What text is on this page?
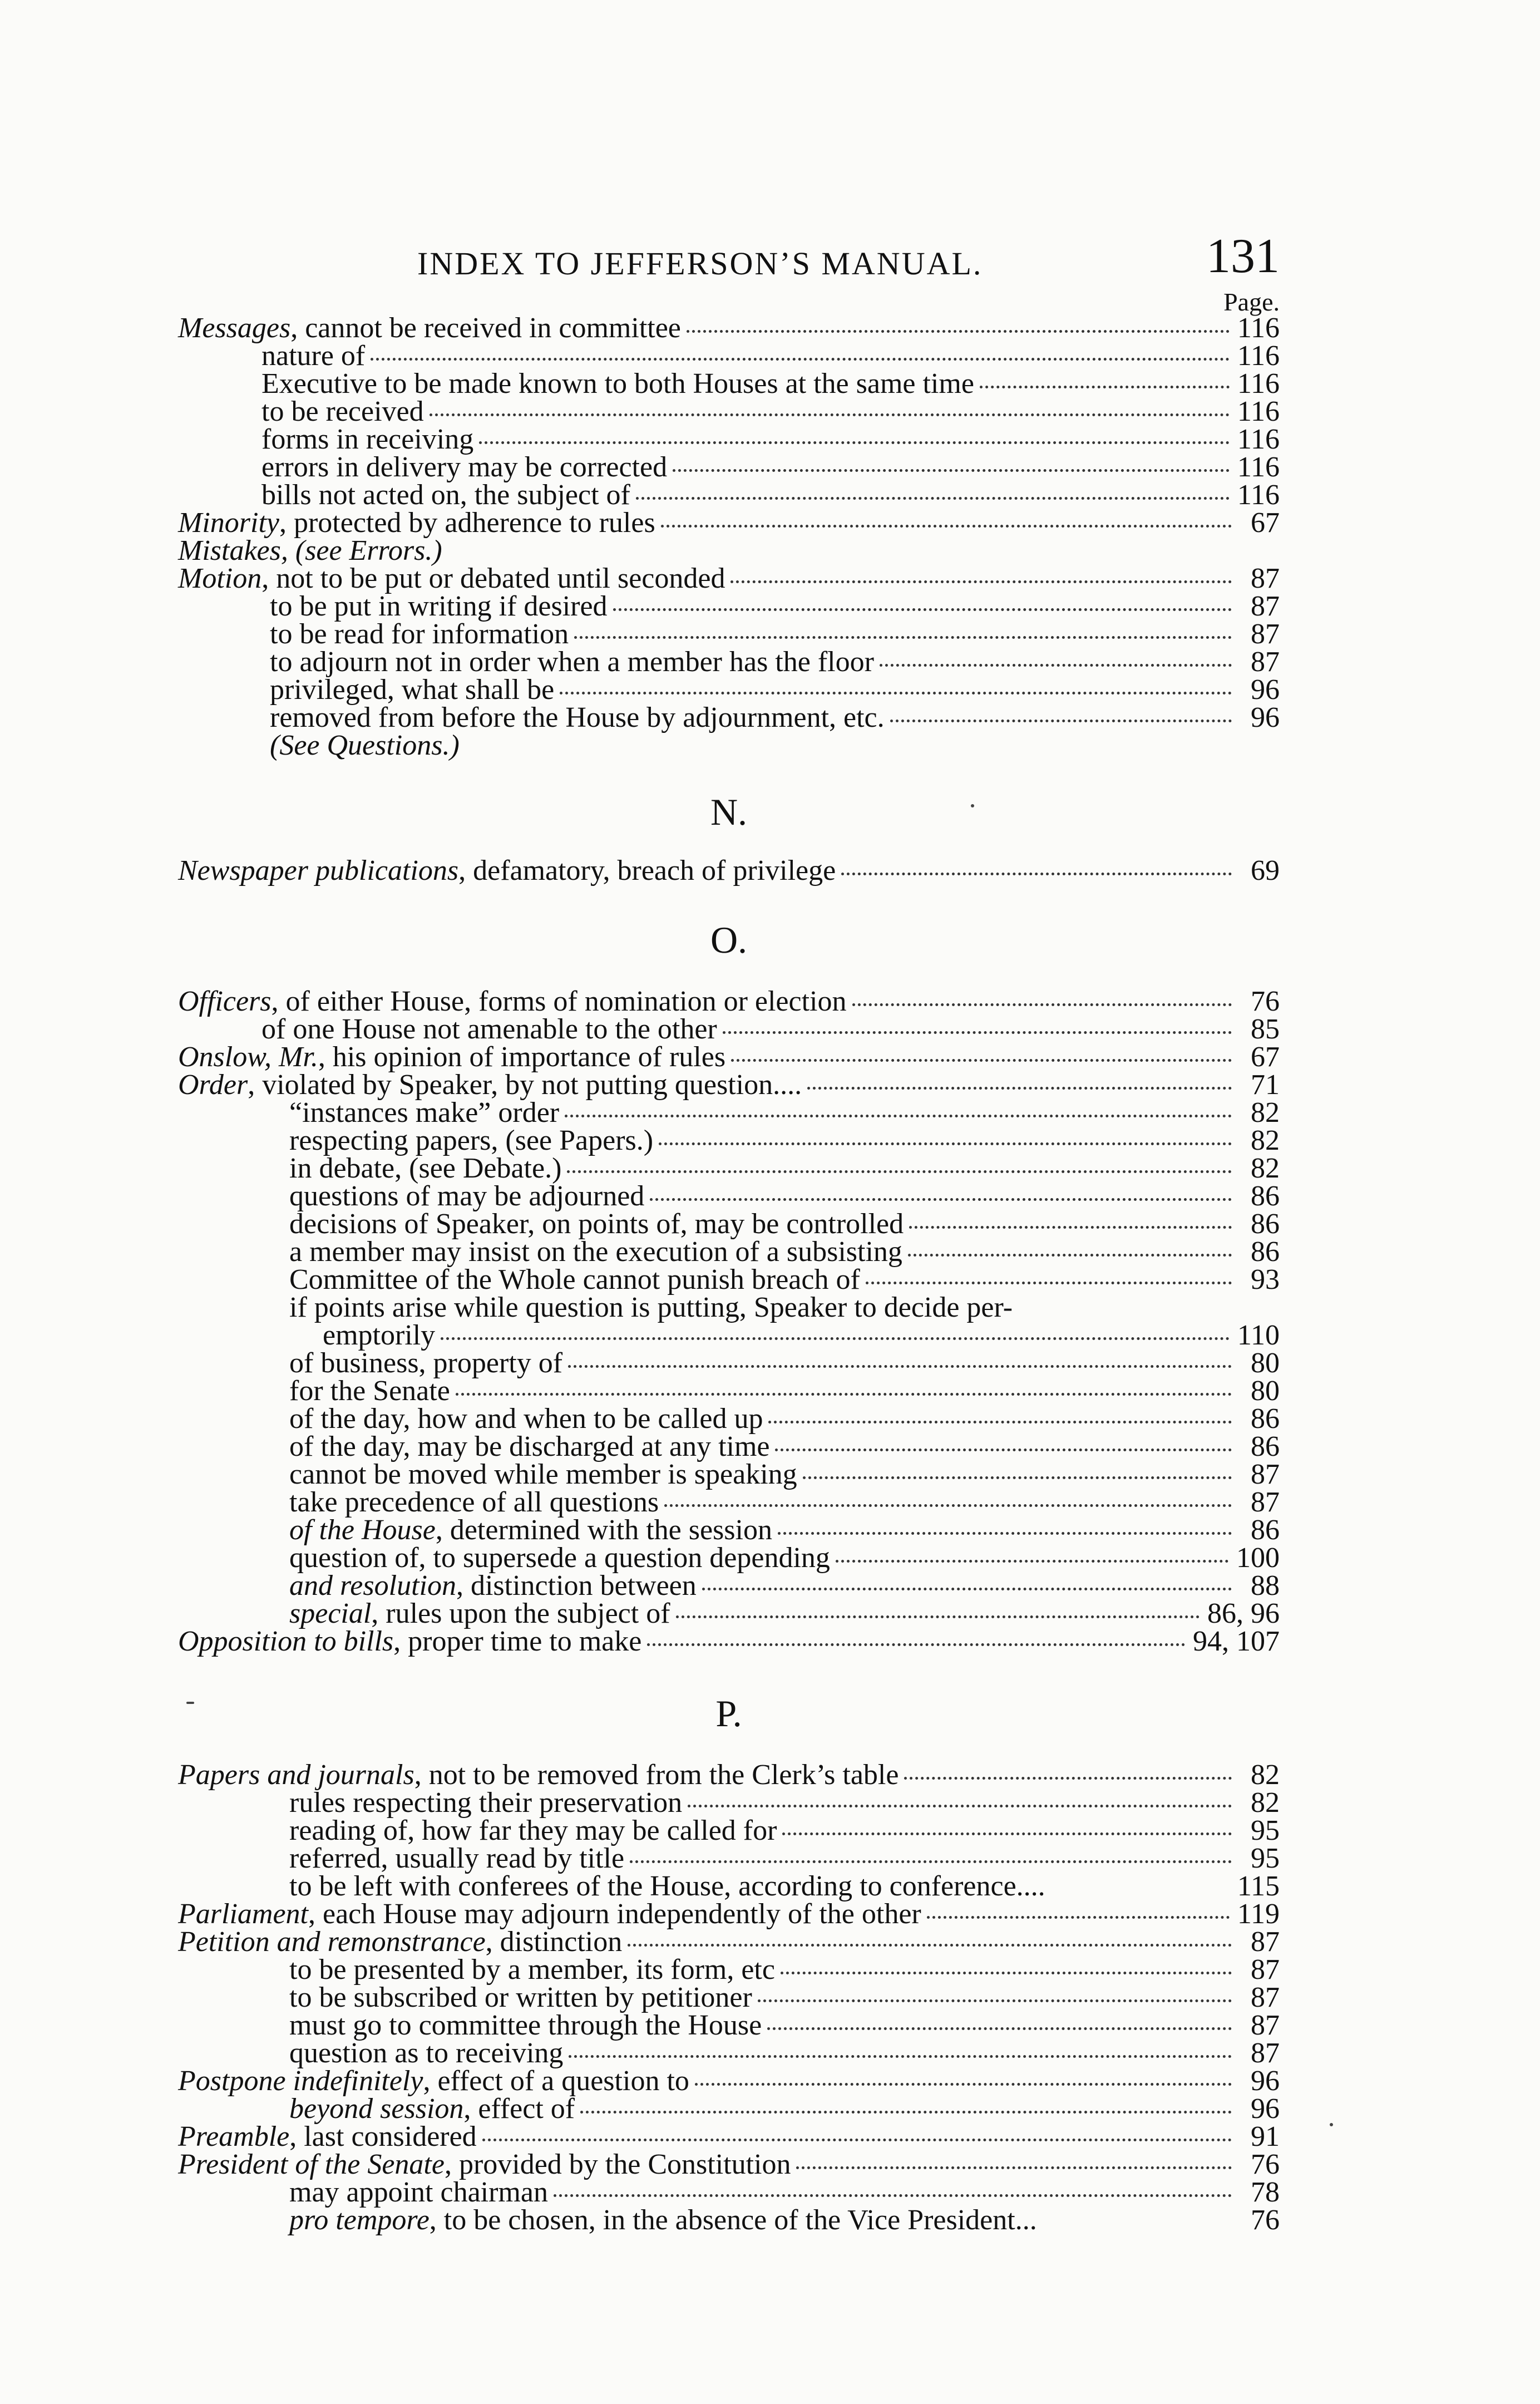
INDEX TO JEFFERSON’S MANUAL.	131
Page.
Messages, cannot be received in committee	116
nature of	116
Executive to be made known to both Houses at the same time	116
to be received	116
forms in receiving	116
errors in delivery may be corrected	116
bills not acted on, the subject of	116
Minority, protected by adherence to rules	67
Mistakes, (see Errors.)
Motion, not to be put or debated until seconded	87
to be put in writing if desired	87
to be read for information	87
to adjourn not in order when a member has the floor	87
privileged, what shall be	96
removed from before the House by adjournment, etc.	96
(See Questions.)
N.
Newspaper publications, defamatory, breach of privilege	69
O.
Officers, of either House, forms of nomination or election	76
of one House not amenable to the other	85
Onslow, Mr., his opinion of importance of rules	67
Order, violated by Speaker, by not putting question....	71
“instances make” order	82
respecting papers, (see Papers.)	82
in debate, (see Debate.)	82
questions of may be adjourned	86
decisions of Speaker, on points of, may be controlled	86
a member may insist on the execution of a subsisting	86
Committee of the Whole cannot punish breach of	93
if points arise while question is putting, Speaker to decide per-
emptorily	110
of business, property of	80
for the Senate	80
of the day, how and when to be called up	86
of the day, may be discharged at any time	86
cannot be moved while member is speaking	87
take precedence of all questions	87
of the House, determined with the session	86
question of, to supersede a question depending	100
and resolution, distinction between	88
special, rules upon the subject of	86, 96
Opposition to bills, proper time to make	94, 107
P.
Papers and journals, not to be removed from the Clerk’s table	82
rules respecting their preservation	82
reading of, how far they may be called for	95
referred, usually read by title	95
to be left with conferees of the House, according to conference....	115
Parliament, each House may adjourn independently of the other	119
Petition and remonstrance, distinction	87
to be presented by a member, its form, etc	87
to be subscribed or written by petitioner	87
must go to committee through the House	87
question as to receiving	87
Postpone indefinitely, effect of a question to	96
beyond session, effect of	96
Preamble, last considered	91
President of the Senate, provided by the Constitution	76
may appoint chairman	78
pro tempore, to be chosen, in the absence of the Vice President...	76
